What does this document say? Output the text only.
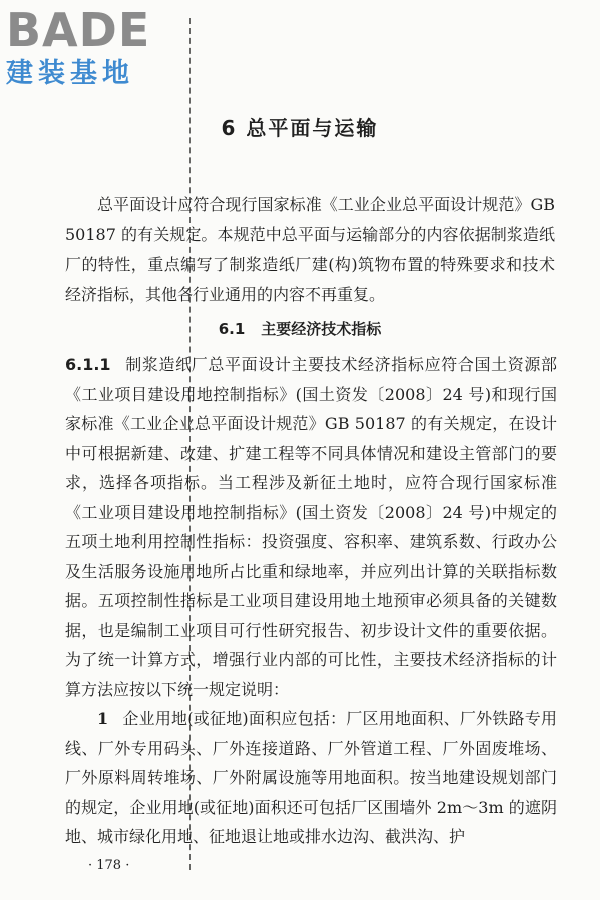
BADE
建装基地
6 总平面与运输

总平面设计应符合现行国家标准《工业企业总平面设计规范》GB 50187 的有关规定。本规范中总平面与运输部分的内容依据制浆造纸厂的特性，重点编写了制浆造纸厂建(构)筑物布置的特殊要求和技术经济指标，其他各行业通用的内容不再重复。

6.1 主要经济技术指标

6.1.1 制浆造纸厂总平面设计主要技术经济指标应符合国土资源部《工业项目建设用地控制指标》(国土资发〔2008〕24 号)和现行国家标准《工业企业总平面设计规范》GB 50187 的有关规定，在设计中可根据新建、改建、扩建工程等不同具体情况和建设主管部门的要求，选择各项指标。当工程涉及新征土地时，应符合现行国家标准《工业项目建设用地控制指标》(国土资发〔2008〕24 号)中规定的五项土地利用控制性指标：投资强度、容积率、建筑系数、行政办公及生活服务设施用地所占比重和绿地率，并应列出计算的关联指标数据。五项控制性指标是工业项目建设用地土地预审必须具备的关键数据，也是编制工业项目可行性研究报告、初步设计文件的重要依据。为了统一计算方式，增强行业内部的可比性，主要技术经济指标的计算方法应按以下统一规定说明：

1 企业用地(或征地)面积应包括：厂区用地面积、厂外铁路专用线、厂外专用码头、厂外连接道路、厂外管道工程、厂外固废堆场、厂外原料周转堆场、厂外附属设施等用地面积。按当地建设规划部门的规定，企业用地(或征地)面积还可包括厂区围墙外 2m～3m 的遮阴地、城市绿化用地、征地退让地或排水边沟、截洪沟、护

· 178 ·
